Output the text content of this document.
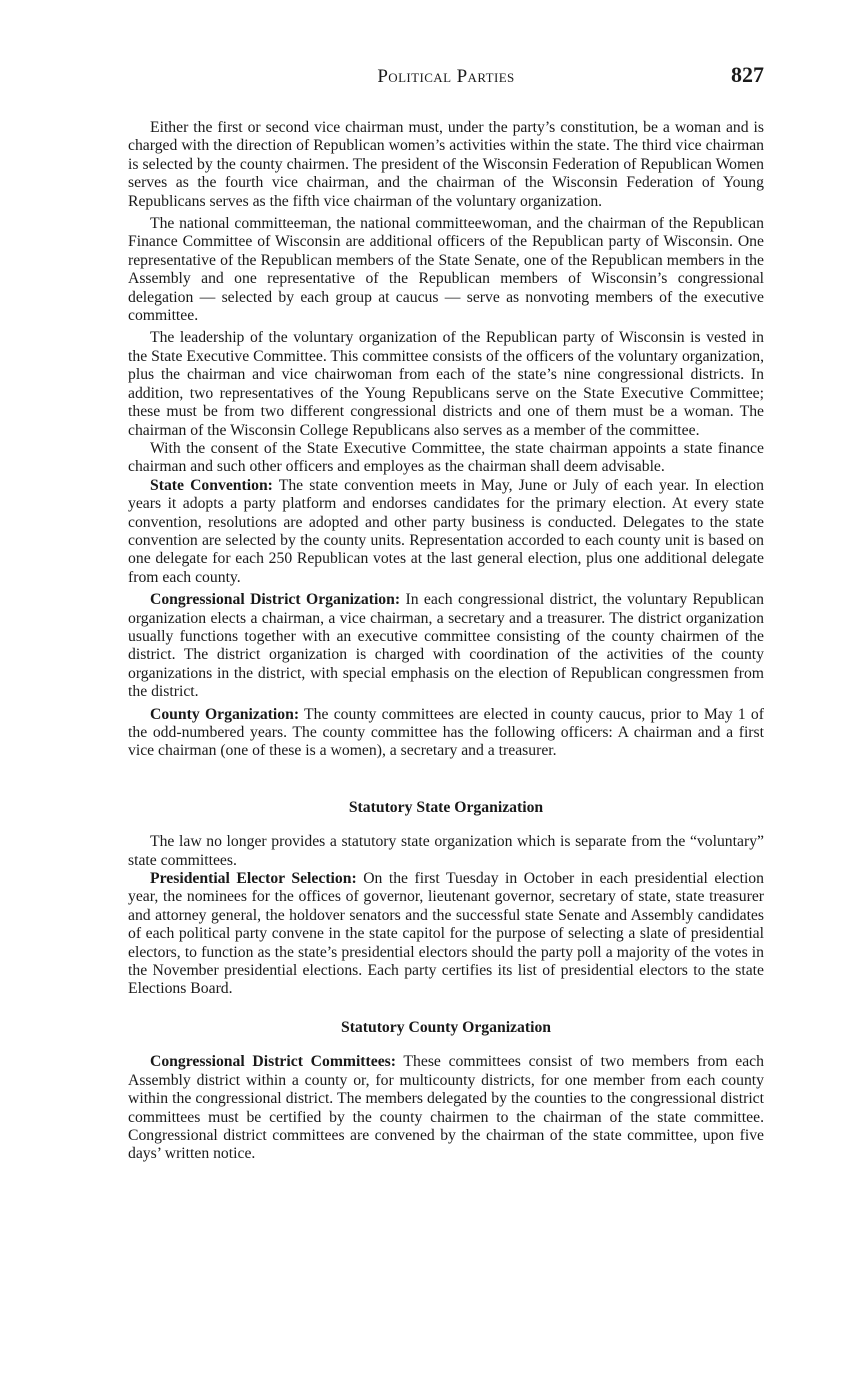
Political Parties	827

Either the first or second vice chairman must, under the party’s constitution, be a woman and is charged with the direction of Republican women’s activities within the state. The third vice chairman is selected by the county chairmen. The president of the Wisconsin Federation of Republican Women serves as the fourth vice chairman, and the chairman of the Wisconsin Federation of Young Republicans serves as the fifth vice chairman of the voluntary organization.

The national committeeman, the national committeewoman, and the chairman of the Republican Finance Committee of Wisconsin are additional officers of the Republican party of Wisconsin. One representative of the Republican members of the State Senate, one of the Republican members in the Assembly and one representative of the Republican members of Wisconsin’s congressional delegation — selected by each group at caucus — serve as nonvoting members of the executive committee.

The leadership of the voluntary organization of the Republican party of Wisconsin is vested in the State Executive Committee. This committee consists of the officers of the voluntary organization, plus the chairman and vice chairwoman from each of the state’s nine congressional districts. In addition, two representatives of the Young Republicans serve on the State Executive Committee; these must be from two different congressional districts and one of them must be a woman. The chairman of the Wisconsin College Republicans also serves as a member of the committee.

With the consent of the State Executive Committee, the state chairman appoints a state finance chairman and such other officers and employes as the chairman shall deem advisable.

State Convention: The state convention meets in May, June or July of each year. In election years it adopts a party platform and endorses candidates for the primary election. At every state convention, resolutions are adopted and other party business is conducted. Delegates to the state convention are selected by the county units. Representation accorded to each county unit is based on one delegate for each 250 Republican votes at the last general election, plus one additional delegate from each county.

Congressional District Organization: In each congressional district, the voluntary Republican organization elects a chairman, a vice chairman, a secretary and a treasurer. The district organization usually functions together with an executive committee consisting of the county chairmen of the district. The district organization is charged with coordination of the activities of the county organizations in the district, with special emphasis on the election of Republican congressmen from the district.

County Organization: The county committees are elected in county caucus, prior to May 1 of the odd-numbered years. The county committee has the following officers: A chairman and a first vice chairman (one of these is a women), a secretary and a treasurer.

Statutory State Organization

The law no longer provides a statutory state organization which is separate from the “voluntary” state committees.

Presidential Elector Selection: On the first Tuesday in October in each presidential election year, the nominees for the offices of governor, lieutenant governor, secretary of state, state treasurer and attorney general, the holdover senators and the successful state Senate and Assembly candidates of each political party convene in the state capitol for the purpose of selecting a slate of presidential electors, to function as the state’s presidential electors should the party poll a majority of the votes in the November presidential elections. Each party certifies its list of presidential electors to the state Elections Board.

Statutory County Organization

Congressional District Committees: These committees consist of two members from each Assembly district within a county or, for multicounty districts, for one member from each county within the congressional district. The members delegated by the counties to the congressional district committees must be certified by the county chairmen to the chairman of the state committee. Congressional district committees are convened by the chairman of the state committee, upon five days’ written notice.
